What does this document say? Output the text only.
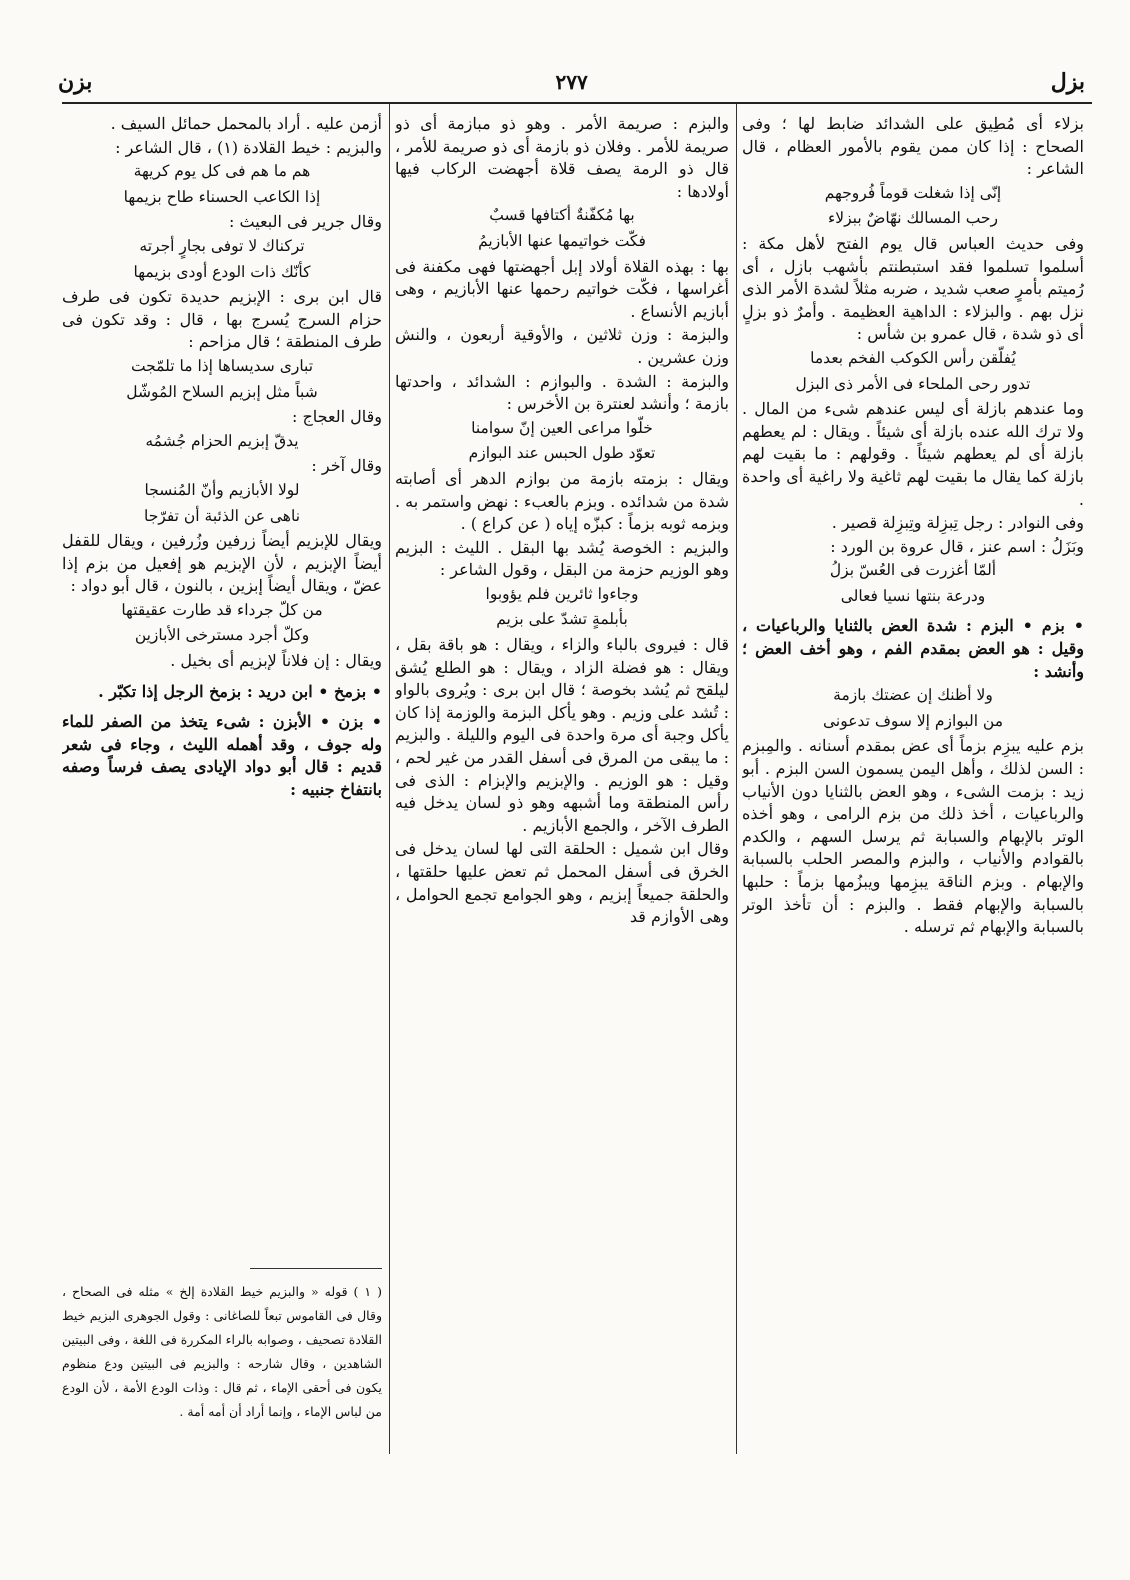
بزن	٢٧٧	بزل

بزلاء أى مُطِيق على الشدائد ضابط لها ؛ وفى الصحاح : إذا كان ممن يقوم بالأمور العظام ، قال الشاعر :

إنّى إذا شغلت قوماً فُروجهم
رحب المسالك نهّاضٌ ببزلاء

وفى حديث العباس قال يوم الفتح لأهل مكة : أسلموا تسلموا فقد استبطنتم بأشهب بازل ، أى رُميتم بأمرٍ صعب شديد ، ضربه مثلاً لشدة الأمر الذى نزل بهم . والبزلاء : الداهية العظيمة . وأمرٌ ذو بزلٍ أى ذو شدة ، قال عمرو بن شأس :

يُفلّقن رأس الكوكب الفخم بعدما
تدور رحى الملحاء فى الأمر ذى البزل

وما عندهم بازلة أى ليس عندهم شىء من المال . ولا ترك الله عنده بازلة أى شيئاً . ويقال : لم يعطهم بازلة أى لم يعطهم شيئاً . وقولهم : ما بقيت لهم بازلة كما يقال ما بقيت لهم ثاغية ولا راغية أى واحدة .

وفى النوادر : رجل تِبزِلة وتِبزِلة قصير .

وبَزَلُ : اسم عنز ، قال عروة بن الورد :

ألمّا أغزرت فى العُسّ بزلُ
ودرعة بنتها نسيا فعالى

• بزم • البزم : شدة العض بالثنايا والرباعيات ، وقيل : هو العض بمقدم الفم ، وهو أخف العض ؛ وأنشد :

ولا أظنك إن عضتك بازمة
من البوازم إلا سوف تدعونى

بزم عليه يبزِم بزماً أى عض بمقدم أسنانه . والمِبزم : السن لذلك ، وأهل اليمن يسمون السن البزم . أبو زيد : بزمت الشىء ، وهو العض بالثنايا دون الأنياب والرباعيات ، أخذ ذلك من بزم الرامى ، وهو أخذه الوتر بالإبهام والسبابة ثم يرسل السهم ، والكدم بالقوادم والأنياب ، والبزم والمصر الحلب بالسبابة والإبهام . وبزم الناقة يبزِمها ويبزُمها بزماً : حلبها بالسبابة والإبهام فقط . والبزم : أن تأخذ الوتر بالسبابة والإبهام ثم ترسله .

والبزم : صريمة الأمر . وهو ذو مبازمة أى ذو صريمة للأمر . وفلان ذو بازمة أى ذو صريمة للأمر ، قال ذو الرمة يصف قلاة أجهضت الركاب فيها أولادها :

بها مُكفّنةٌ أكتافها قسبٌ
فكّت خواتيمها عنها الأبازيمُ

بها : بهذه القلاة أولاد إبل أجهضتها فهى مكفنة فى أغراسها ، فكّت خواتيم رحمها عنها الأبازيم ، وهى أبازيم الأنساع .

والبزمة : وزن ثلاثين ، والأوقية أربعون ، والنش وزن عشرين .

والبزمة : الشدة . والبوازم : الشدائد ، واحدتها بازمة ؛ وأنشد لعنترة بن الأخرس :

خلّوا مراعى العين إنّ سوامنا
تعوّد طول الحبس عند البوازم

ويقال : بزمته بازمة من بوازم الدهر أى أصابته شدة من شدائده . وبزم بالعبء : نهض واستمر به . وبزمه ثوبه بزماً : كبزّه إياه ( عن كراع ) .

والبزيم : الخوصة يُشد بها البقل . الليث : البزيم وهو الوزيم حزمة من البقل ، وقول الشاعر :

وجاءوا ثائرين فلم يؤوبوا
بأبلمةٍ تشدّ على بزيم

قال : فيروى بالباء والزاء ، ويقال : هو باقة بقل ، ويقال : هو فضلة الزاد ، ويقال : هو الطلع يُشق ليلقح ثم يُشد بخوصة ؛ قال ابن برى : ويُروى بالواو : تُشد على وزيم . وهو يأكل البزمة والوزمة إذا كان يأكل وجبة أى مرة واحدة فى اليوم والليلة . والبزيم : ما يبقى من المرق فى أسفل القدر من غير لحم ، وقيل : هو الوزيم . والإبزيم والإبزام : الذى فى رأس المنطقة وما أشبهه وهو ذو لسان يدخل فيه الطرف الآخر ، والجمع الأبازيم .

وقال ابن شميل : الحلقة التى لها لسان يدخل فى الخرق فى أسفل المحمل ثم تعض عليها حلقتها ، والحلقة جميعاً إبزيم ، وهو الجوامع تجمع الحوامل ، وهى الأوازم قد

أزمن عليه . أراد بالمحمل حمائل السيف .

والبزيم : خيط القلادة (١) ، قال الشاعر :

هم ما هم فى كل يوم كريهة
إذا الكاعب الحسناء طاح بزيمها

وقال جرير فى البعيث :

تركناك لا توفى بجارٍ أجرته
كأنّك ذات الودع أودى بزيمها

قال ابن برى : الإبزيم حديدة تكون فى طرف حزام السرج يُسرج بها ، قال : وقد تكون فى طرف المنطقة ؛ قال مزاحم :

تبارى سديساها إذا ما تلمّجت
شباً مثل إبزيم السلاح المُوشّل

وقال العجاج :

يدقّ إبزيم الحزام جُشمُه

وقال آخر :

لولا الأبازيم وأنّ المُنسجا
ناهى عن الذئبة أن تفرّجا

ويقال للإبزيم أيضاً زرفين وزُرفين ، ويقال للقفل أيضاً الإبزيم ، لأن الإبزيم هو إفعيل من بزم إذا عضّ ، ويقال أيضاً إبزين ، بالنون ، قال أبو دواد :

من كلّ جرداء قد طارت عقيقتها
وكلّ أجرد مسترخى الأبازين

ويقال : إن فلاناً لإبزيم أى بخيل .

• بزمخ • ابن دريد : بزمخ الرجل إذا تكبّر .

• بزن • الأبزن : شىء يتخذ من الصفر للماء وله جوف ، وقد أهمله الليث ، وجاء فى شعر قديم : قال أبو دواد الإيادى يصف فرساً وصفه بانتفاخ جنبيه :

( ١ ) قوله « والبزيم خيط القلادة إلخ » مثله فى الصحاح ، وقال فى القاموس تبعاً للصاغانى : وقول الجوهرى البزيم خيط القلادة تصحيف ، وصوابه بالراء المكررة فى اللغة ، وفى البيتين الشاهدين ، وقال شارحه : والبزيم فى البيتين ودع منظوم يكون فى أحقى الإماء ، ثم قال : وذات الودع الأمة ، لأن الودع من لباس الإماء ، وإنما أراد أن أمه أمة .
